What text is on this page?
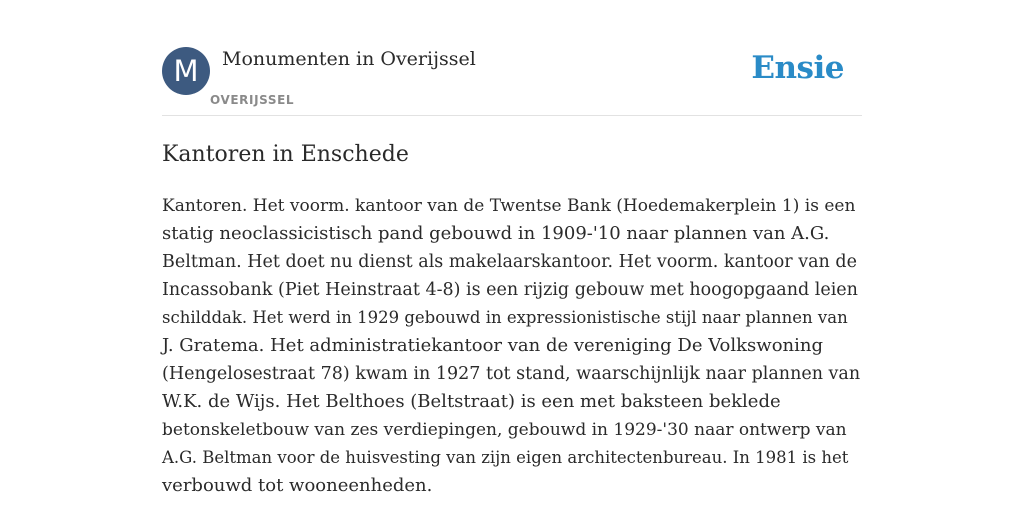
M	Monumenten in Overijssel
OVERIJSSEL
Ensie
Kantoren in Enschede
Kantoren. Het voorm. kantoor van de Twentse Bank (Hoedemakerplein 1) is een
statig neoclassicistisch pand gebouwd in 1909-'10 naar plannen van A.G.
Beltman. Het doet nu dienst als makelaarskantoor. Het voorm. kantoor van de
Incassobank (Piet Heinstraat 4-8) is een rijzig gebouw met hoogopgaand leien
schilddak. Het werd in 1929 gebouwd in expressionistische stijl naar plannen van
J. Gratema. Het administratiekantoor van de vereniging De Volkswoning
(Hengelosestraat 78) kwam in 1927 tot stand, waarschijnlijk naar plannen van
W.K. de Wijs. Het Belthoes (Beltstraat) is een met baksteen beklede
betonskeletbouw van zes verdiepingen, gebouwd in 1929-'30 naar ontwerp van
A.G. Beltman voor de huisvesting van zijn eigen architectenbureau. In 1981 is het
verbouwd tot wooneenheden.
